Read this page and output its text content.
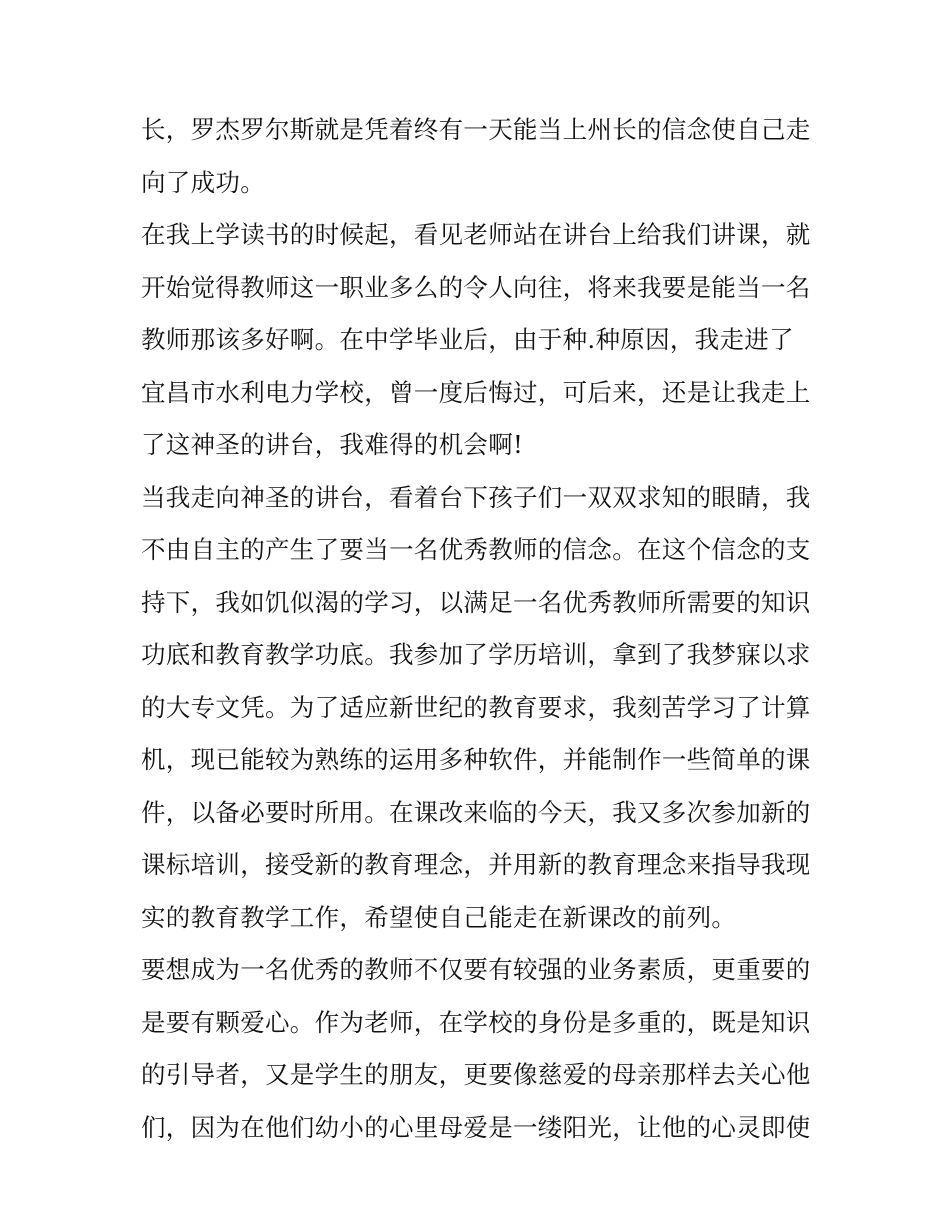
长，罗杰罗尔斯就是凭着终有一天能当上州长的信念使自己走
向了成功。
在我上学读书的时候起，看见老师站在讲台上给我们讲课，就
开始觉得教师这一职业多么的令人向往，将来我要是能当一名
教师那该多好啊。在中学毕业后，由于种.种原因，我走进了
宜昌市水利电力学校，曾一度后悔过，可后来，还是让我走上
了这神圣的讲台，我难得的机会啊!
当我走向神圣的讲台，看着台下孩子们一双双求知的眼睛，我
不由自主的产生了要当一名优秀教师的信念。在这个信念的支
持下，我如饥似渴的学习，以满足一名优秀教师所需要的知识
功底和教育教学功底。我参加了学历培训，拿到了我梦寐以求
的大专文凭。为了适应新世纪的教育要求，我刻苦学习了计算
机，现已能较为熟练的运用多种软件，并能制作一些简单的课
件，以备必要时所用。在课改来临的今天，我又多次参加新的
课标培训，接受新的教育理念，并用新的教育理念来指导我现
实的教育教学工作，希望使自己能走在新课改的前列。
要想成为一名优秀的教师不仅要有较强的业务素质，更重要的
是要有颗爱心。作为老师，在学校的身份是多重的，既是知识
的引导者，又是学生的朋友，更要像慈爱的母亲那样去关心他
们，因为在他们幼小的心里母爱是一缕阳光，让他的心灵即使
